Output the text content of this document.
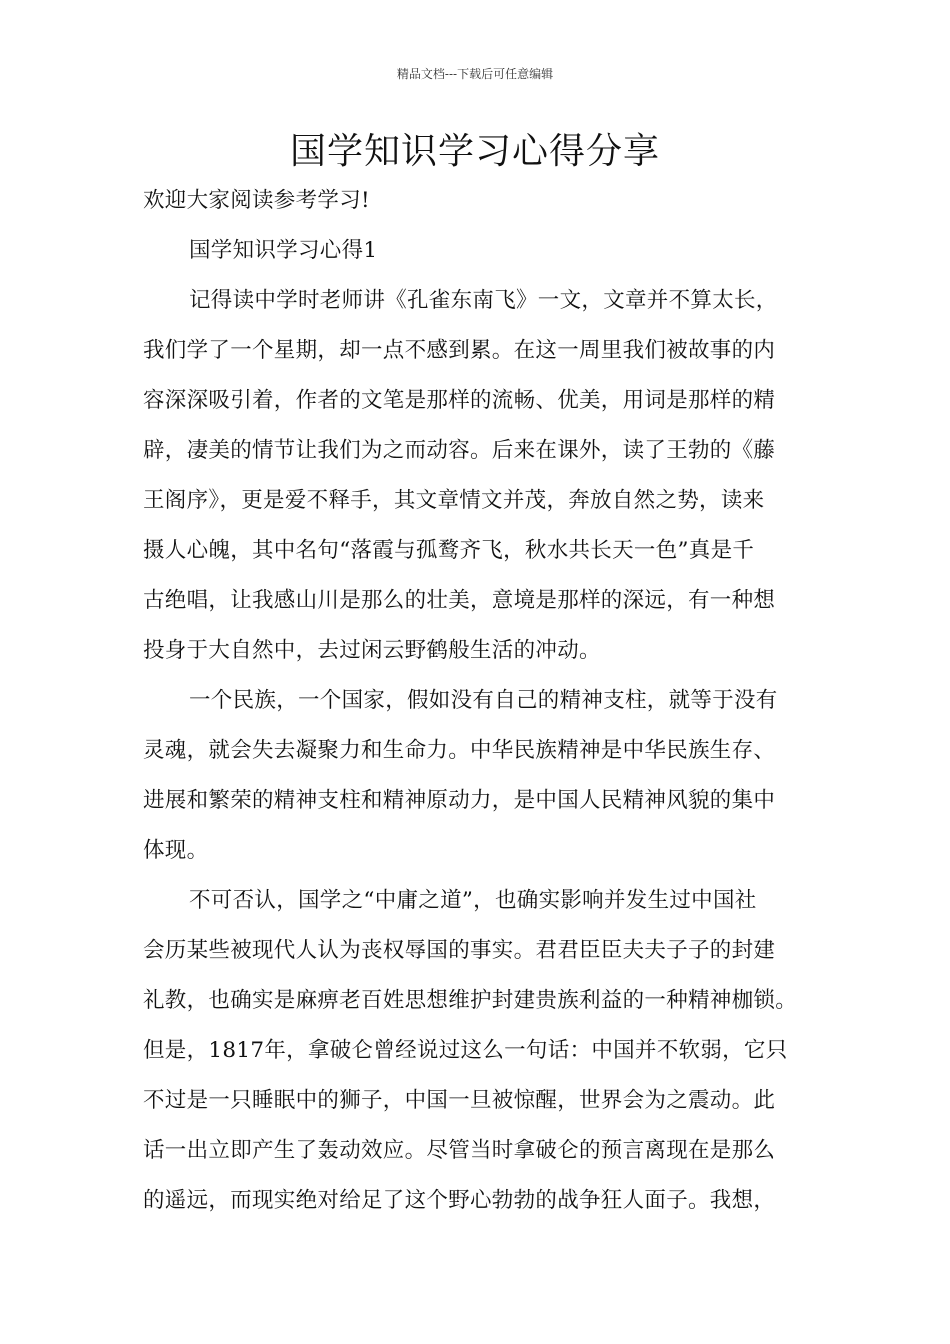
精品文档---下载后可任意编辑
国学知识学习心得分享
欢迎大家阅读参考学习!
国学知识学习心得1
记得读中学时老师讲《孔雀东南飞》一文，文章并不算太长，
我们学了一个星期，却一点不感到累。在这一周里我们被故事的内
容深深吸引着，作者的文笔是那样的流畅、优美，用词是那样的精
辟，凄美的情节让我们为之而动容。后来在课外，读了王勃的《藤
王阁序》，更是爱不释手，其文章情文并茂，奔放自然之势，读来
摄人心魄，其中名句“落霞与孤鹜齐飞，秋水共长天一色”真是千
古绝唱，让我感山川是那么的壮美，意境是那样的深远，有一种想
投身于大自然中，去过闲云野鹤般生活的冲动。
一个民族，一个国家，假如没有自己的精神支柱，就等于没有
灵魂，就会失去凝聚力和生命力。中华民族精神是中华民族生存、
进展和繁荣的精神支柱和精神原动力，是中国人民精神风貌的集中
体现。
不可否认，国学之“中庸之道”，也确实影响并发生过中国社
会历某些被现代人认为丧权辱国的事实。君君臣臣夫夫子子的封建
礼教，也确实是麻痹老百姓思想维护封建贵族利益的一种精神枷锁。
但是，1817年，拿破仑曾经说过这么一句话：中国并不软弱，它只
不过是一只睡眠中的狮子，中国一旦被惊醒，世界会为之震动。此
话一出立即产生了轰动效应。尽管当时拿破仑的预言离现在是那么
的遥远，而现实绝对给足了这个野心勃勃的战争狂人面子。我想，
